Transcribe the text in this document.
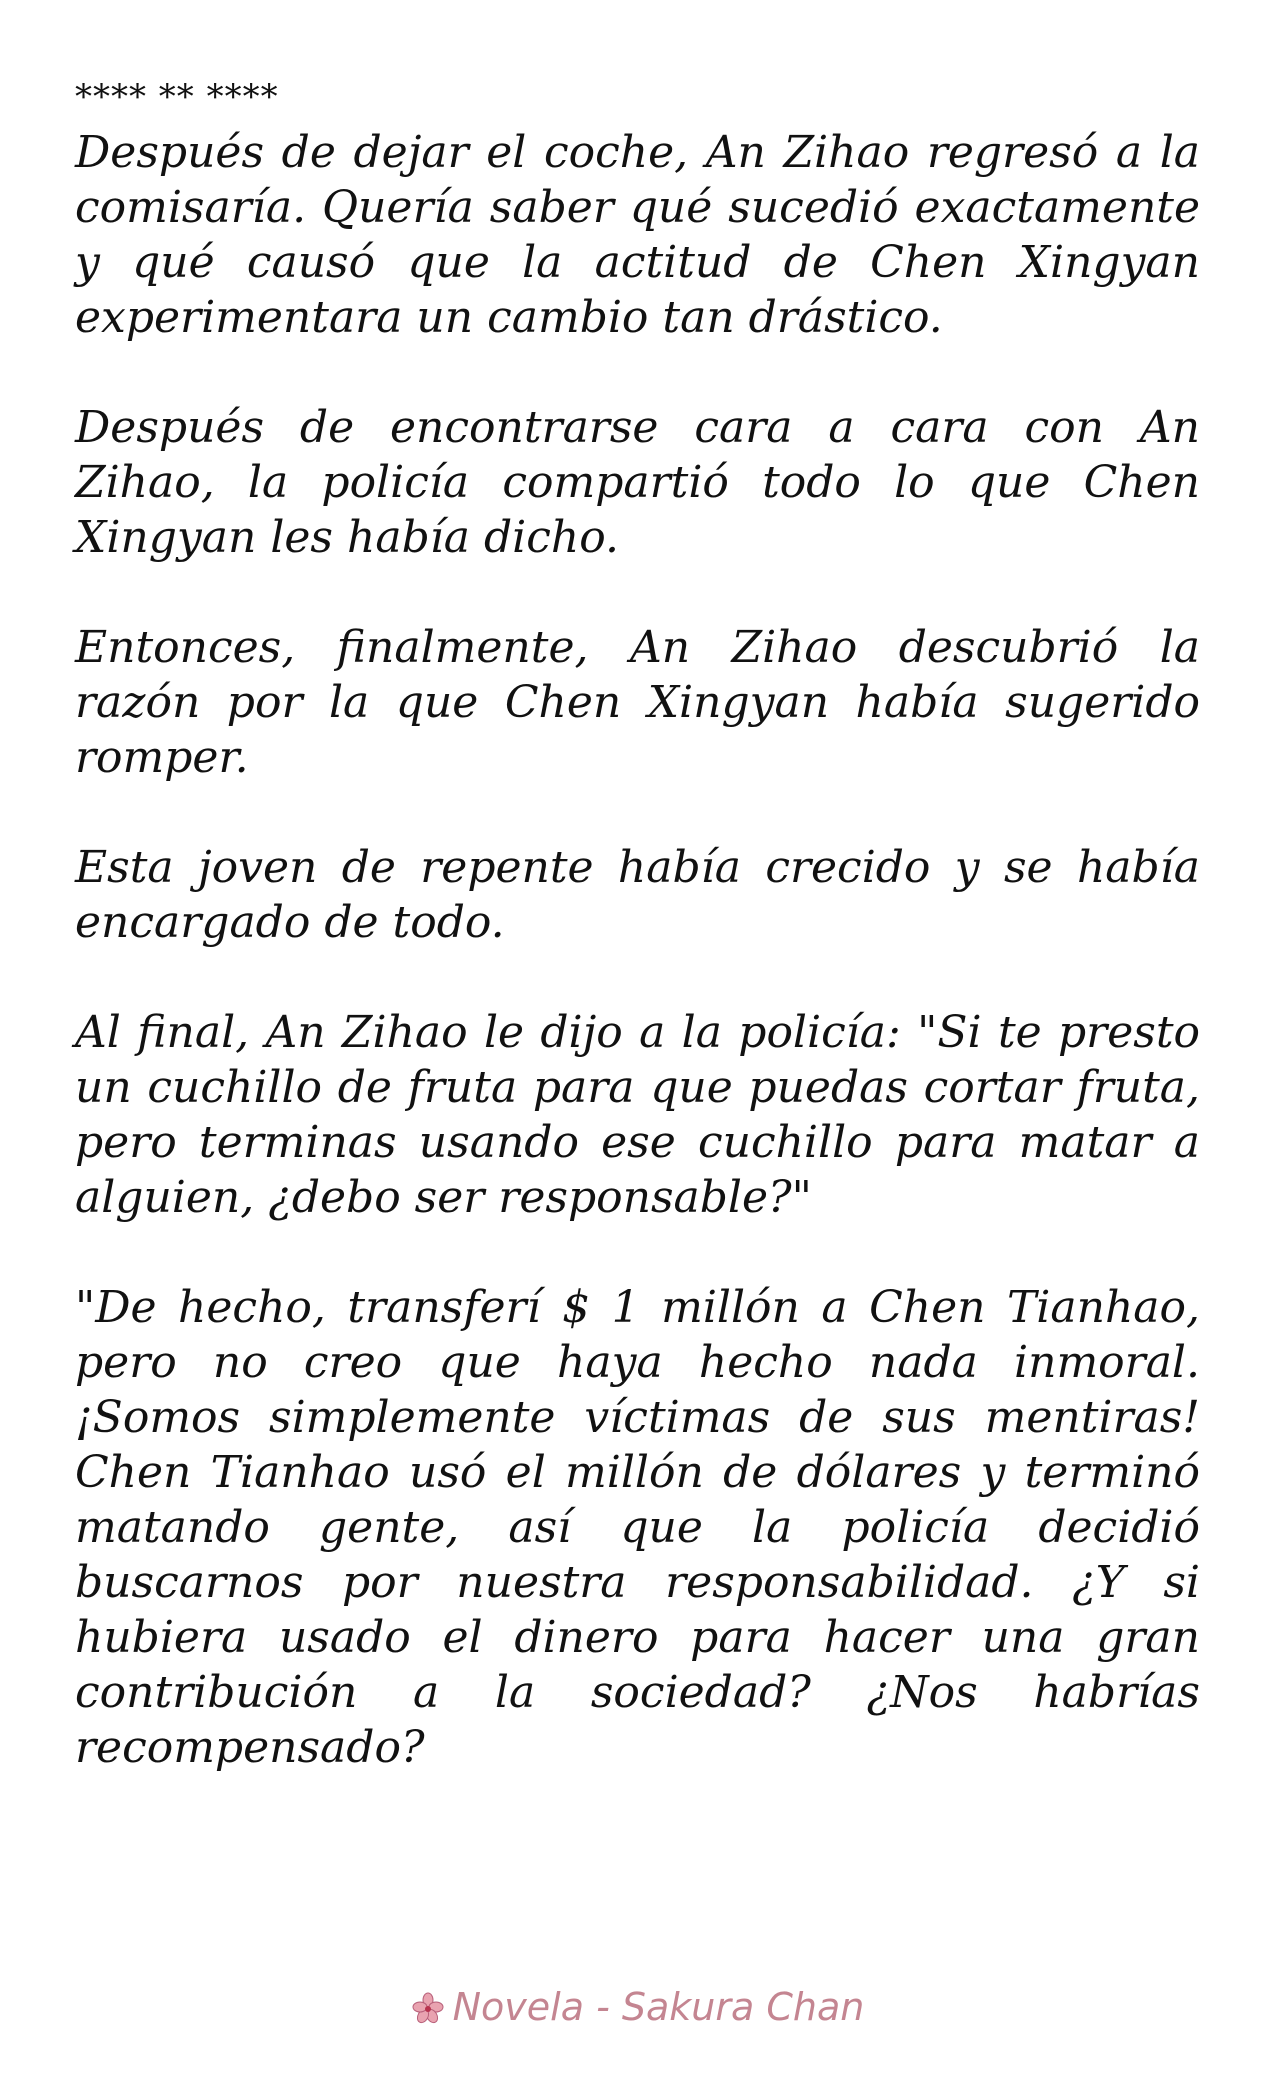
**** ** ****

Después de dejar el coche, An Zihao regresó a la comisaría. Quería saber qué sucedió exactamente y qué causó que la actitud de Chen Xingyan experimentara un cambio tan drástico.

Después de encontrarse cara a cara con An Zihao, la policía compartió todo lo que Chen Xingyan les había dicho.

Entonces, finalmente, An Zihao descubrió la razón por la que Chen Xingyan había sugerido romper.

Esta joven de repente había crecido y se había encargado de todo.

Al final, An Zihao le dijo a la policía: "Si te presto un cuchillo de fruta para que puedas cortar fruta, pero terminas usando ese cuchillo para matar a alguien, ¿debo ser responsable?"

"De hecho, transferí $ 1 millón a Chen Tianhao, pero no creo que haya hecho nada inmoral. ¡Somos simplemente víctimas de sus mentiras! Chen Tianhao usó el millón de dólares y terminó matando gente, así que la policía decidió buscarnos por nuestra responsabilidad. ¿Y si hubiera usado el dinero para hacer una gran contribución a la sociedad? ¿Nos habrías recompensado?

Novela - Sakura Chan
